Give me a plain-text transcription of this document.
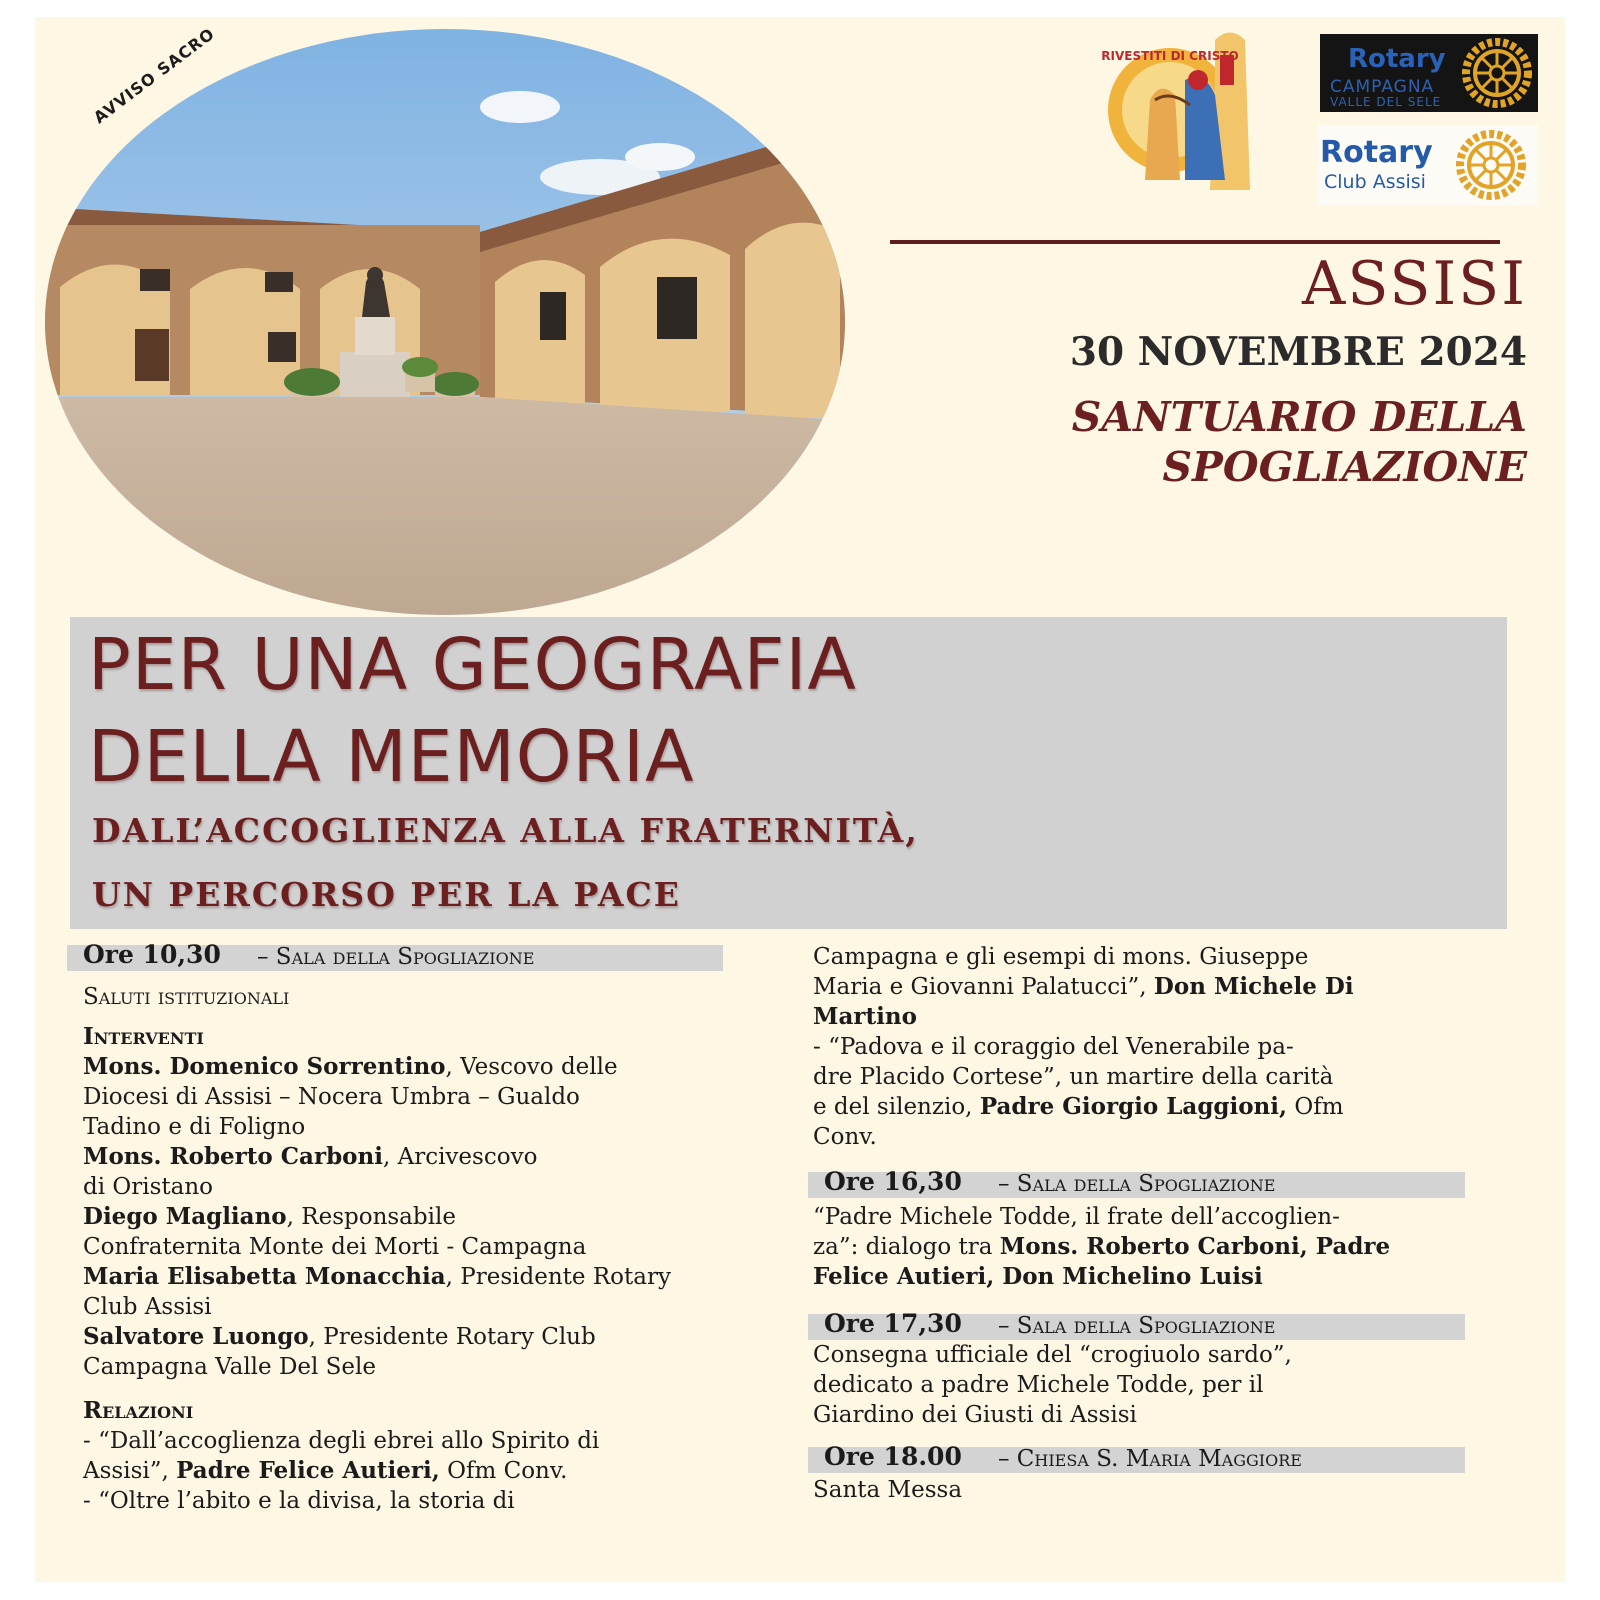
AVVISO SACRO	RIVESTITI DI CRISTO	Rotary
CAMPAGNA
VALLE DEL SELE
Rotary
Club Assisi
ASSISI
30 NOVEMBRE 2024
SANTUARIO DELLA
SPOGLIAZIONE
PER UNA GEOGRAFIA
DELLA MEMORIA
DALL’ACCOGLIENZA ALLA FRATERNITÀ,
UN PERCORSO PER LA PACE
Ore 10,30 – Sala della Spogliazione
Saluti istituzionali
Interventi
Mons. Domenico Sorrentino, Vescovo delle
Diocesi di Assisi – Nocera Umbra – Gualdo
Tadino e di Foligno
Mons. Roberto Carboni, Arcivescovo
di Oristano
Diego Magliano, Responsabile
Confraternita Monte dei Morti - Campagna
Maria Elisabetta Monacchia, Presidente Rotary
Club Assisi
Salvatore Luongo, Presidente Rotary Club
Campagna Valle Del Sele
Relazioni
- “Dall’accoglienza degli ebrei allo Spirito di
Assisi”, Padre Felice Autieri, Ofm Conv.
- “Oltre l’abito e la divisa, la storia di
Campagna e gli esempi di mons. Giuseppe
Maria e Giovanni Palatucci”, Don Michele Di
Martino
- “Padova e il coraggio del Venerabile pa-
dre Placido Cortese”, un martire della carità
e del silenzio, Padre Giorgio Laggioni, Ofm
Conv.
Ore 16,30 – Sala della Spogliazione
“Padre Michele Todde, il frate dell’accoglien-
za”: dialogo tra Mons. Roberto Carboni, Padre
Felice Autieri, Don Michelino Luisi
Ore 17,30 – Sala della Spogliazione
Consegna ufficiale del “crogiuolo sardo”,
dedicato a padre Michele Todde, per il
Giardino dei Giusti di Assisi
Ore 18.00 – Chiesa S. Maria Maggiore
Santa Messa
